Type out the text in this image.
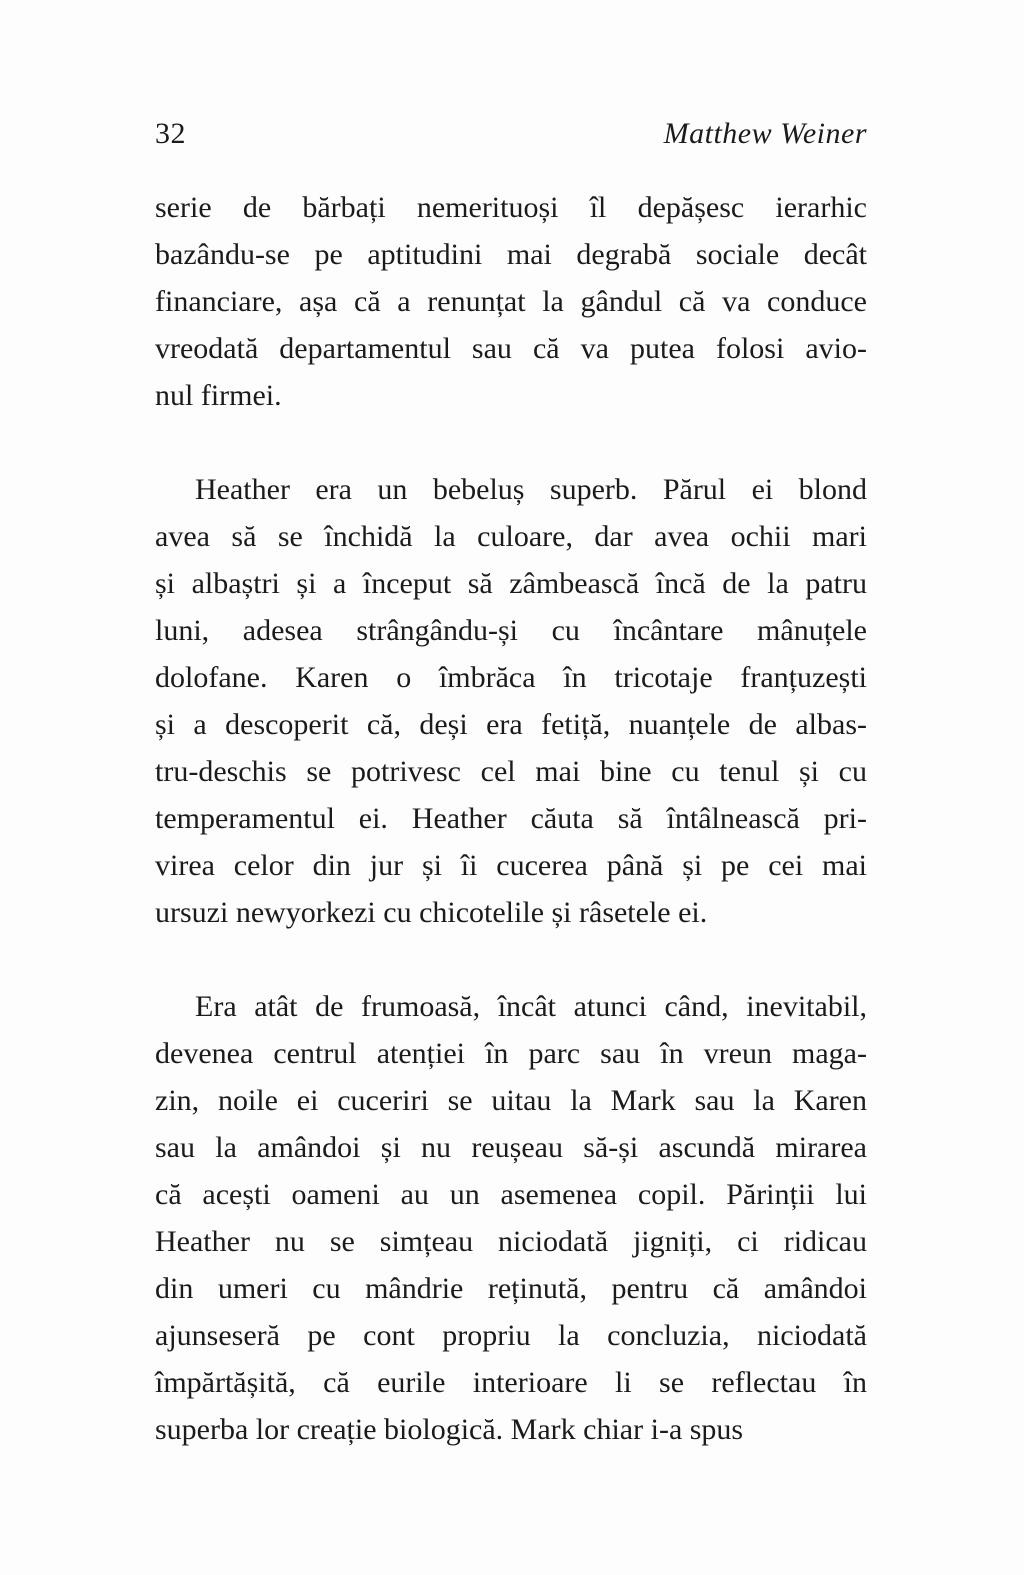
32	Matthew Weiner

serie de bărbați nemerituoși îl depășesc ierarhic
bazându-se pe aptitudini mai degrabă sociale decât
financiare, așa că a renunțat la gândul că va conduce
vreodată departamentul sau că va putea folosi avio-
nul firmei.

Heather era un bebeluș superb. Părul ei blond
avea să se închidă la culoare, dar avea ochii mari
și albaștri și a început să zâmbească încă de la patru
luni, adesea strângându-și cu încântare mânuțele
dolofane. Karen o îmbrăca în tricotaje franțuzești
și a descoperit că, deși era fetiță, nuanțele de albas-
tru-deschis se potrivesc cel mai bine cu tenul și cu
temperamentul ei. Heather căuta să întâlnească pri-
virea celor din jur și îi cucerea până și pe cei mai
ursuzi newyorkezi cu chicotelile și râsetele ei.

Era atât de frumoasă, încât atunci când, inevitabil,
devenea centrul atenției în parc sau în vreun maga-
zin, noile ei cuceriri se uitau la Mark sau la Karen
sau la amândoi și nu reușeau să-și ascundă mirarea
că acești oameni au un asemenea copil. Părinții lui
Heather nu se simțeau niciodată jigniți, ci ridicau
din umeri cu mândrie reținută, pentru că amândoi
ajunseseră pe cont propriu la concluzia, niciodată
împărtășită, că eurile interioare li se reflectau în
superba lor creație biologică. Mark chiar i-a spus
